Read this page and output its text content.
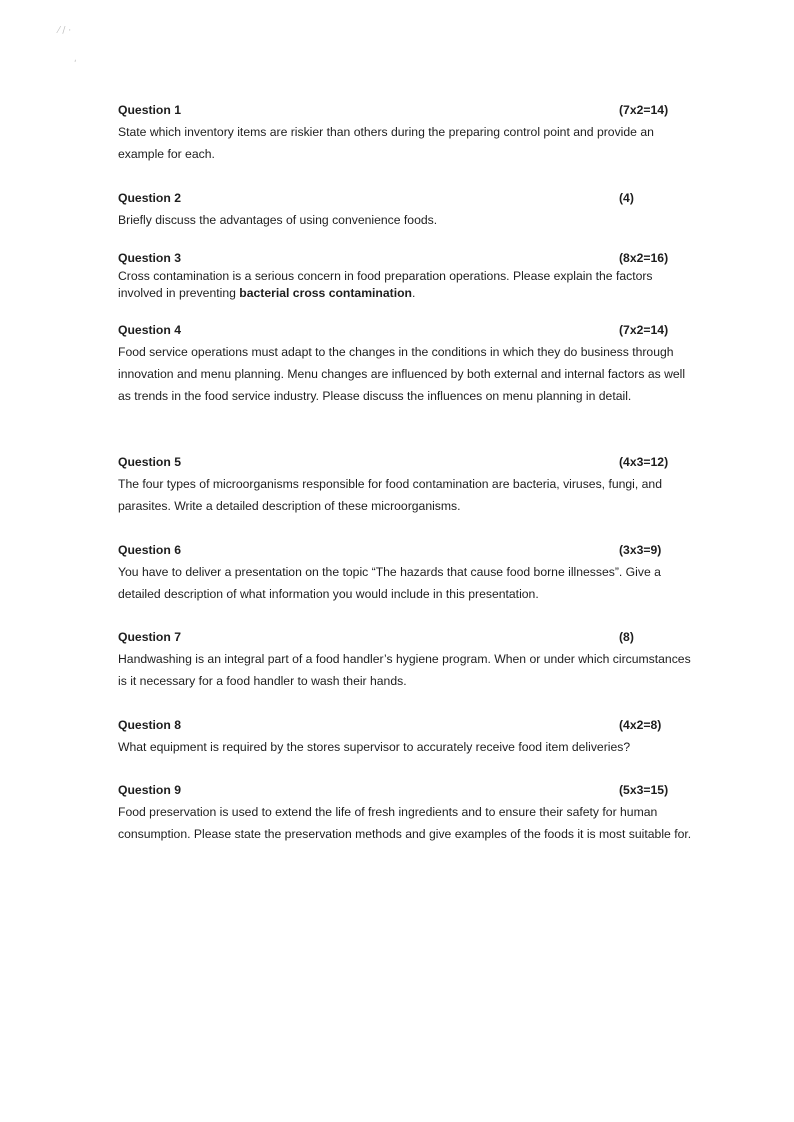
⁄ / ·
ʹ
Question 1	(7x2=14)
State which inventory items are riskier than others during the preparing control point and provide an example for each.
Question 2	(4)
Briefly discuss the advantages of using convenience foods.
Question 3	(8x2=16)
Cross contamination is a serious concern in food preparation operations. Please explain the factors involved in preventing bacterial cross contamination.
Question 4	(7x2=14)
Food service operations must adapt to the changes in the conditions in which they do business through innovation and menu planning. Menu changes are influenced by both external and internal factors as well as trends in the food service industry. Please discuss the influences on menu planning in detail.
Question 5	(4x3=12)
The four types of microorganisms responsible for food contamination are bacteria, viruses, fungi, and parasites. Write a detailed description of these microorganisms.
Question 6	(3x3=9)
You have to deliver a presentation on the topic “The hazards that cause food borne illnesses”. Give a detailed description of what information you would include in this presentation.
Question 7	(8)
Handwashing is an integral part of a food handler’s hygiene program. When or under which circumstances is it necessary for a food handler to wash their hands.
Question 8	(4x2=8)
What equipment is required by the stores supervisor to accurately receive food item deliveries?
Question 9	(5x3=15)
Food preservation is used to extend the life of fresh ingredients and to ensure their safety for human consumption. Please state the preservation methods and give examples of the foods it is most suitable for.
